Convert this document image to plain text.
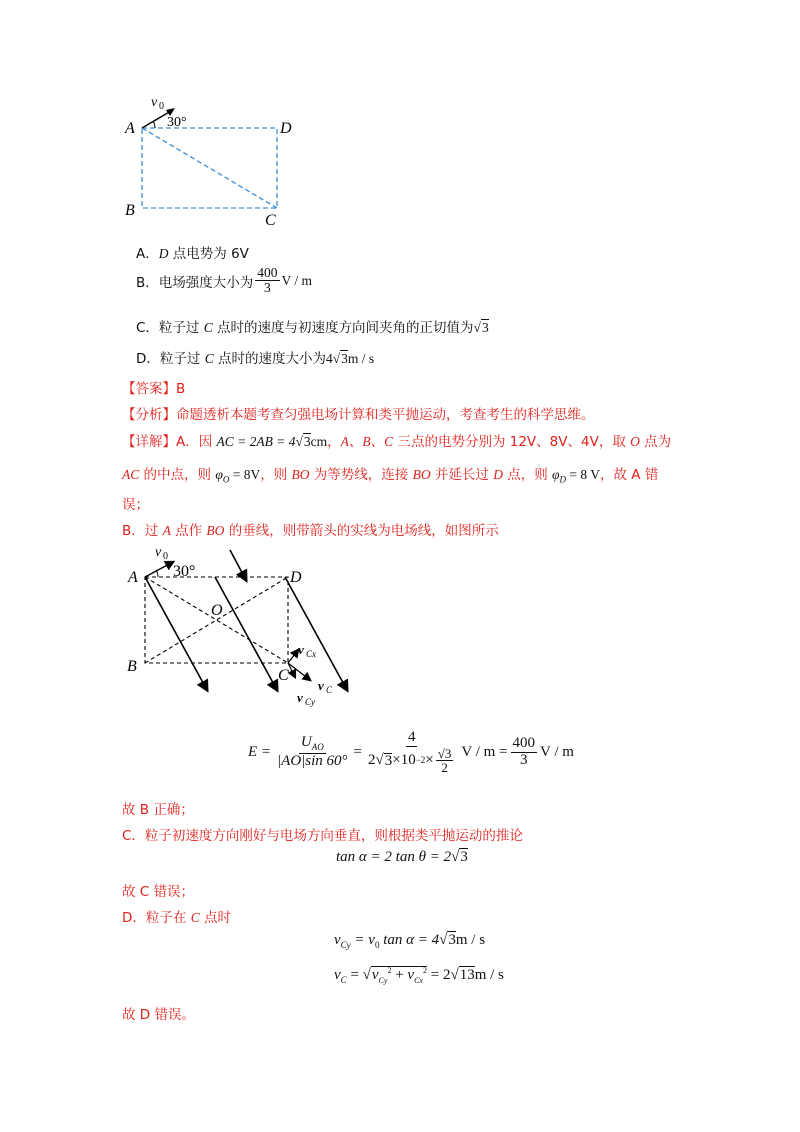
v 0
30°
A	D
B
C
A．D 点电势为 6V
B．电场强度大小为 $\frac{400}{3}$ V / m
C．粒子过 C 点时的速度与初速度方向间夹角的正切值为√3
D．粒子过 C 点时的速度大小为4√3m / s
【答案】B
【分析】命题透析本题考查匀强电场计算和类平抛运动，考查考生的科学思维。
【详解】A．因 AC = 2AB = 4√3cm，A、B、C 三点的电势分别为 12V、8V、4V，取 O 点为
AC 的中点，则 $\varphi_O = 8V$，则 BO 为等势线，连接 BO 并延长过 D 点，则 $\varphi_D = 8$ V，故 A 错
误；
B．过 A 点作 BO 的垂线，则带箭头的实线为电场线，如图所示
v 0
30°
A	D
O
B
C
v Cx
v C
v Cy
$E = \frac{U_{AO}}{|AO|\sin 60^\circ} = \frac{4}{2 √ 3 \times 10 -2 \times \frac{√3}{2}}$ $V / m = \frac{400}{3}$ V / m
故 B 正确；
C．粒子初速度方向刚好与电场方向垂直，则根据类平抛运动的推论
tan α = 2 tan θ = 2√3
故 C 错误；
D．粒子在 C 点时
$v_{Cy} = v_0$ tan α = 4√3m / s
$v_C = √v_{Cy}^2 + v_{Cx}^2 = 2√13m / s$
故 D 错误。
